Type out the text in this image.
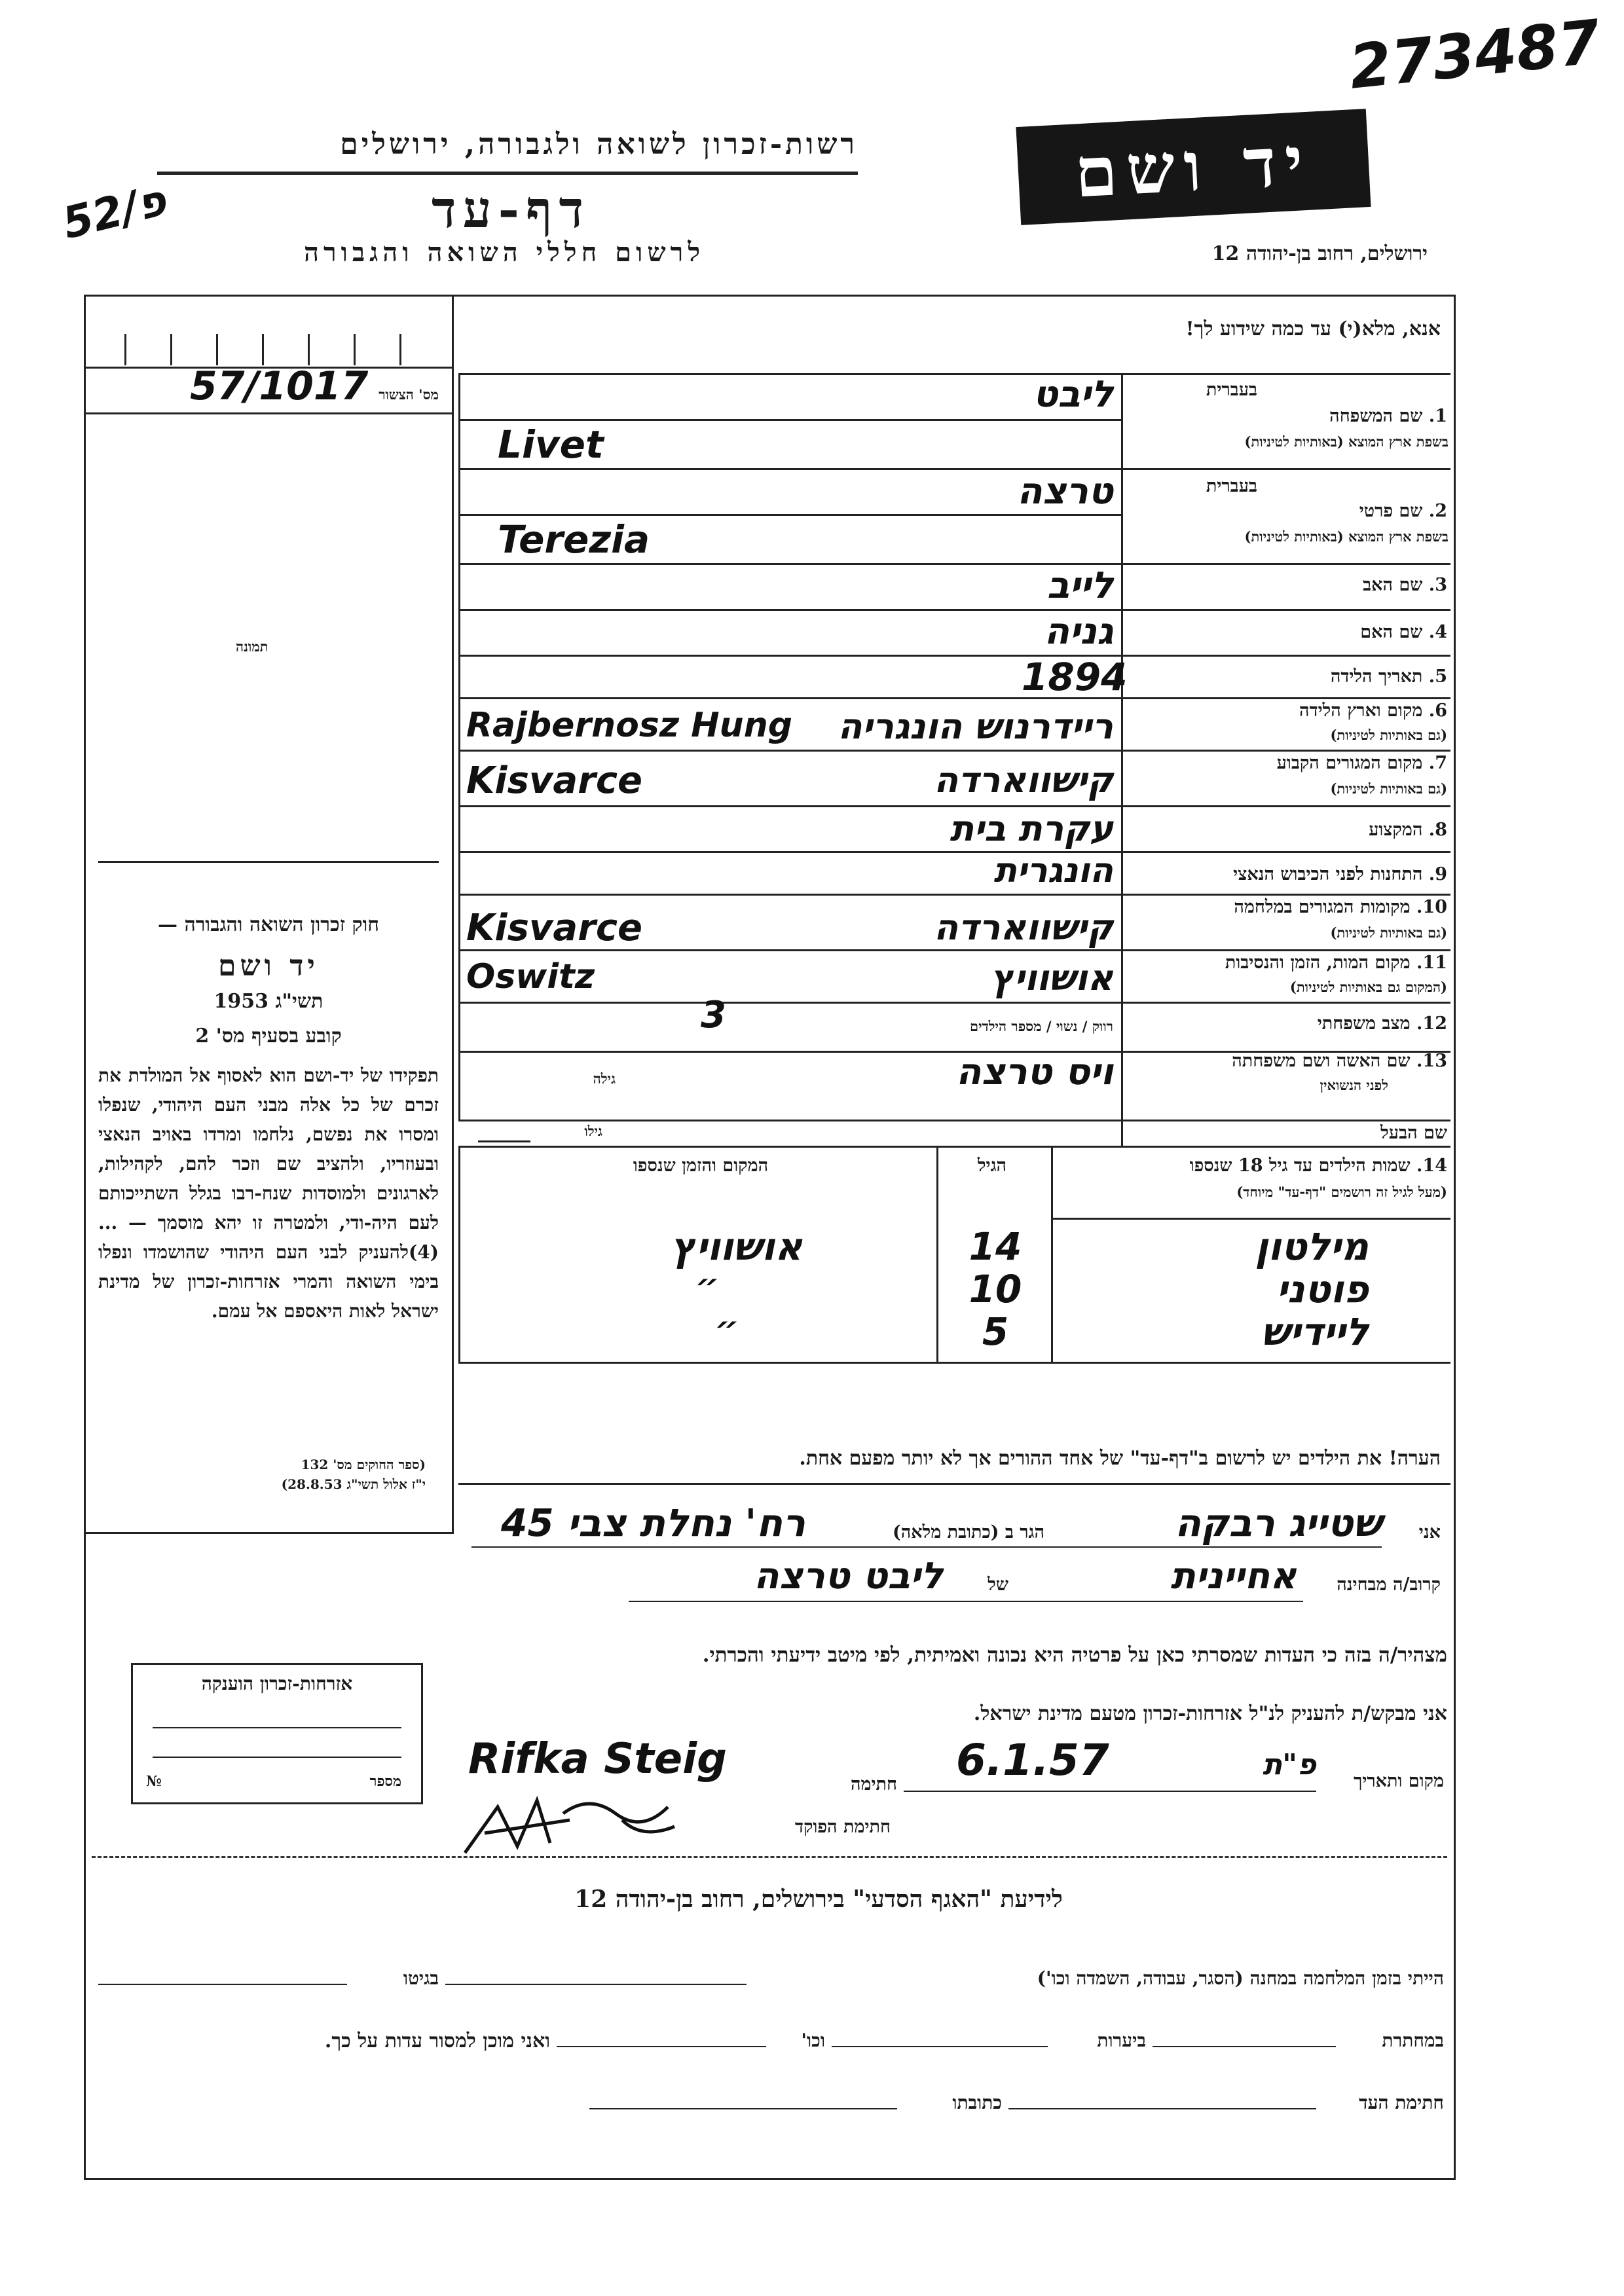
273487
פ/52
רשות-זכרון לשואה ולגבורה, ירושלים
דף-עד
לרשום חללי השואה והגבורה
יד ושם
ירושלים, רחוב בן-יהודה 12
אנא, מלא(י) עד כמה שידוע לך!
57/1017 מס' הצשור
תמונה
בעברית
1. שם המשפחה
בשפת ארץ המוצא (באותיות לטיניות)
ליבט
Livet
בעברית
2. שם פרטי
בשפת ארץ המוצא (באותיות לטיניות)
טרצה
Terezia
3. שם האב
לייב
4. שם האם
גניה
5. תאריך הלידה
1894
6. מקום וארץ הלידה
(גם באותיות לטיניות)
ריידרנוש הונגריה
Rajbernosz Hung
7. מקום המגורים הקבוע
(גם באותיות לטיניות)
קישווארדה
Kisvarce
8. המקצוע
עקרת בית
9. התחנות לפני הכיבוש הנאצי
הונגרית
10. מקומות המגורים במלחמה
(גם באותיות לטיניות)
קישווארדה
Kisvarce
11. מקום המות, הזמן והנסיבות
(המקום גם באותיות לטיניות)
אושוויץ
Oswitz
12. מצב משפחתי
רווק / נשוי / מספר הילדים
3
13. שם האשה ושם משפחתה
לפני הנשואין
ויס טרצה
גילה
שם הבעל
גילו
14. שמות הילדים עד גיל 18 שנספו
(מעל לגיל זה רושמים "דף-עד" מיוחד)
הגיל
המקום והזמן שנספו
מילטון
14
אושוויץ
פוטני
10
״
ליידיש
5
״
חוק זכרון השואה והגבורה —
יד ושם
תשי"ג 1953
קובע בסעיף מס' 2
תפקידו של יד-ושם הוא לאסוף אל המולדת את זכרם של כל אלה מבני העם היהודי, שנפלו ומסרו את נפשם, נלחמו ומרדו באויב הנאצי ובעוזריו, ולהציב שם וזכר להם, לקהילות, לארגונים ולמוסדות שנח-רבו בגלל השתייכותם לעם היה-ודי, ולמטרה זו יהא מוסמך — ...(4)להעניק לבני העם היהודי שהושמדו ונפלו בימי השואה והמרי אזרחות-זכרון של מדינת ישראל לאות היאספם אל עמם.
(ספר החוקים מס' 132
י"ז אלול תשי"ג 28.8.53)
הערה! את הילדים יש לרשום ב"דף-עד" של אחד ההורים אך לא יותר מפעם אחת.
אני
שטייג רבקה
הגר ב (כתובת מלאה)
רח' נחלת צבי 45
קרוב/ה מבחינה
אחיינית
של
ליבט טרצה
מצהיר/ה בזה כי העדות שמסרתי כאן על פרטיה היא נכונה ואמיתית, לפי מיטב ידיעתי והכרתי.
אני מבקש/ת להעניק לנ"ל אזרחות-זכרון מטעם מדינת ישראל.
אזרחות-זכרון הוענקה
№	מספר Rifka Steig
חתימה 6.1.57	פ"ת	מקום ותאריך
חתימת הפוקד
לידיעת "האגף הסדעי" בירושלים, רחוב בן-יהודה 12
הייתי בזמן המלחמה במחנה (הסגר, עבודה, השמדה וכו')
בגיטו
במחתרת
ביערות
וכו'
ואני מוכן למסור עדות על כך.
חתימת העד
כתובתו
